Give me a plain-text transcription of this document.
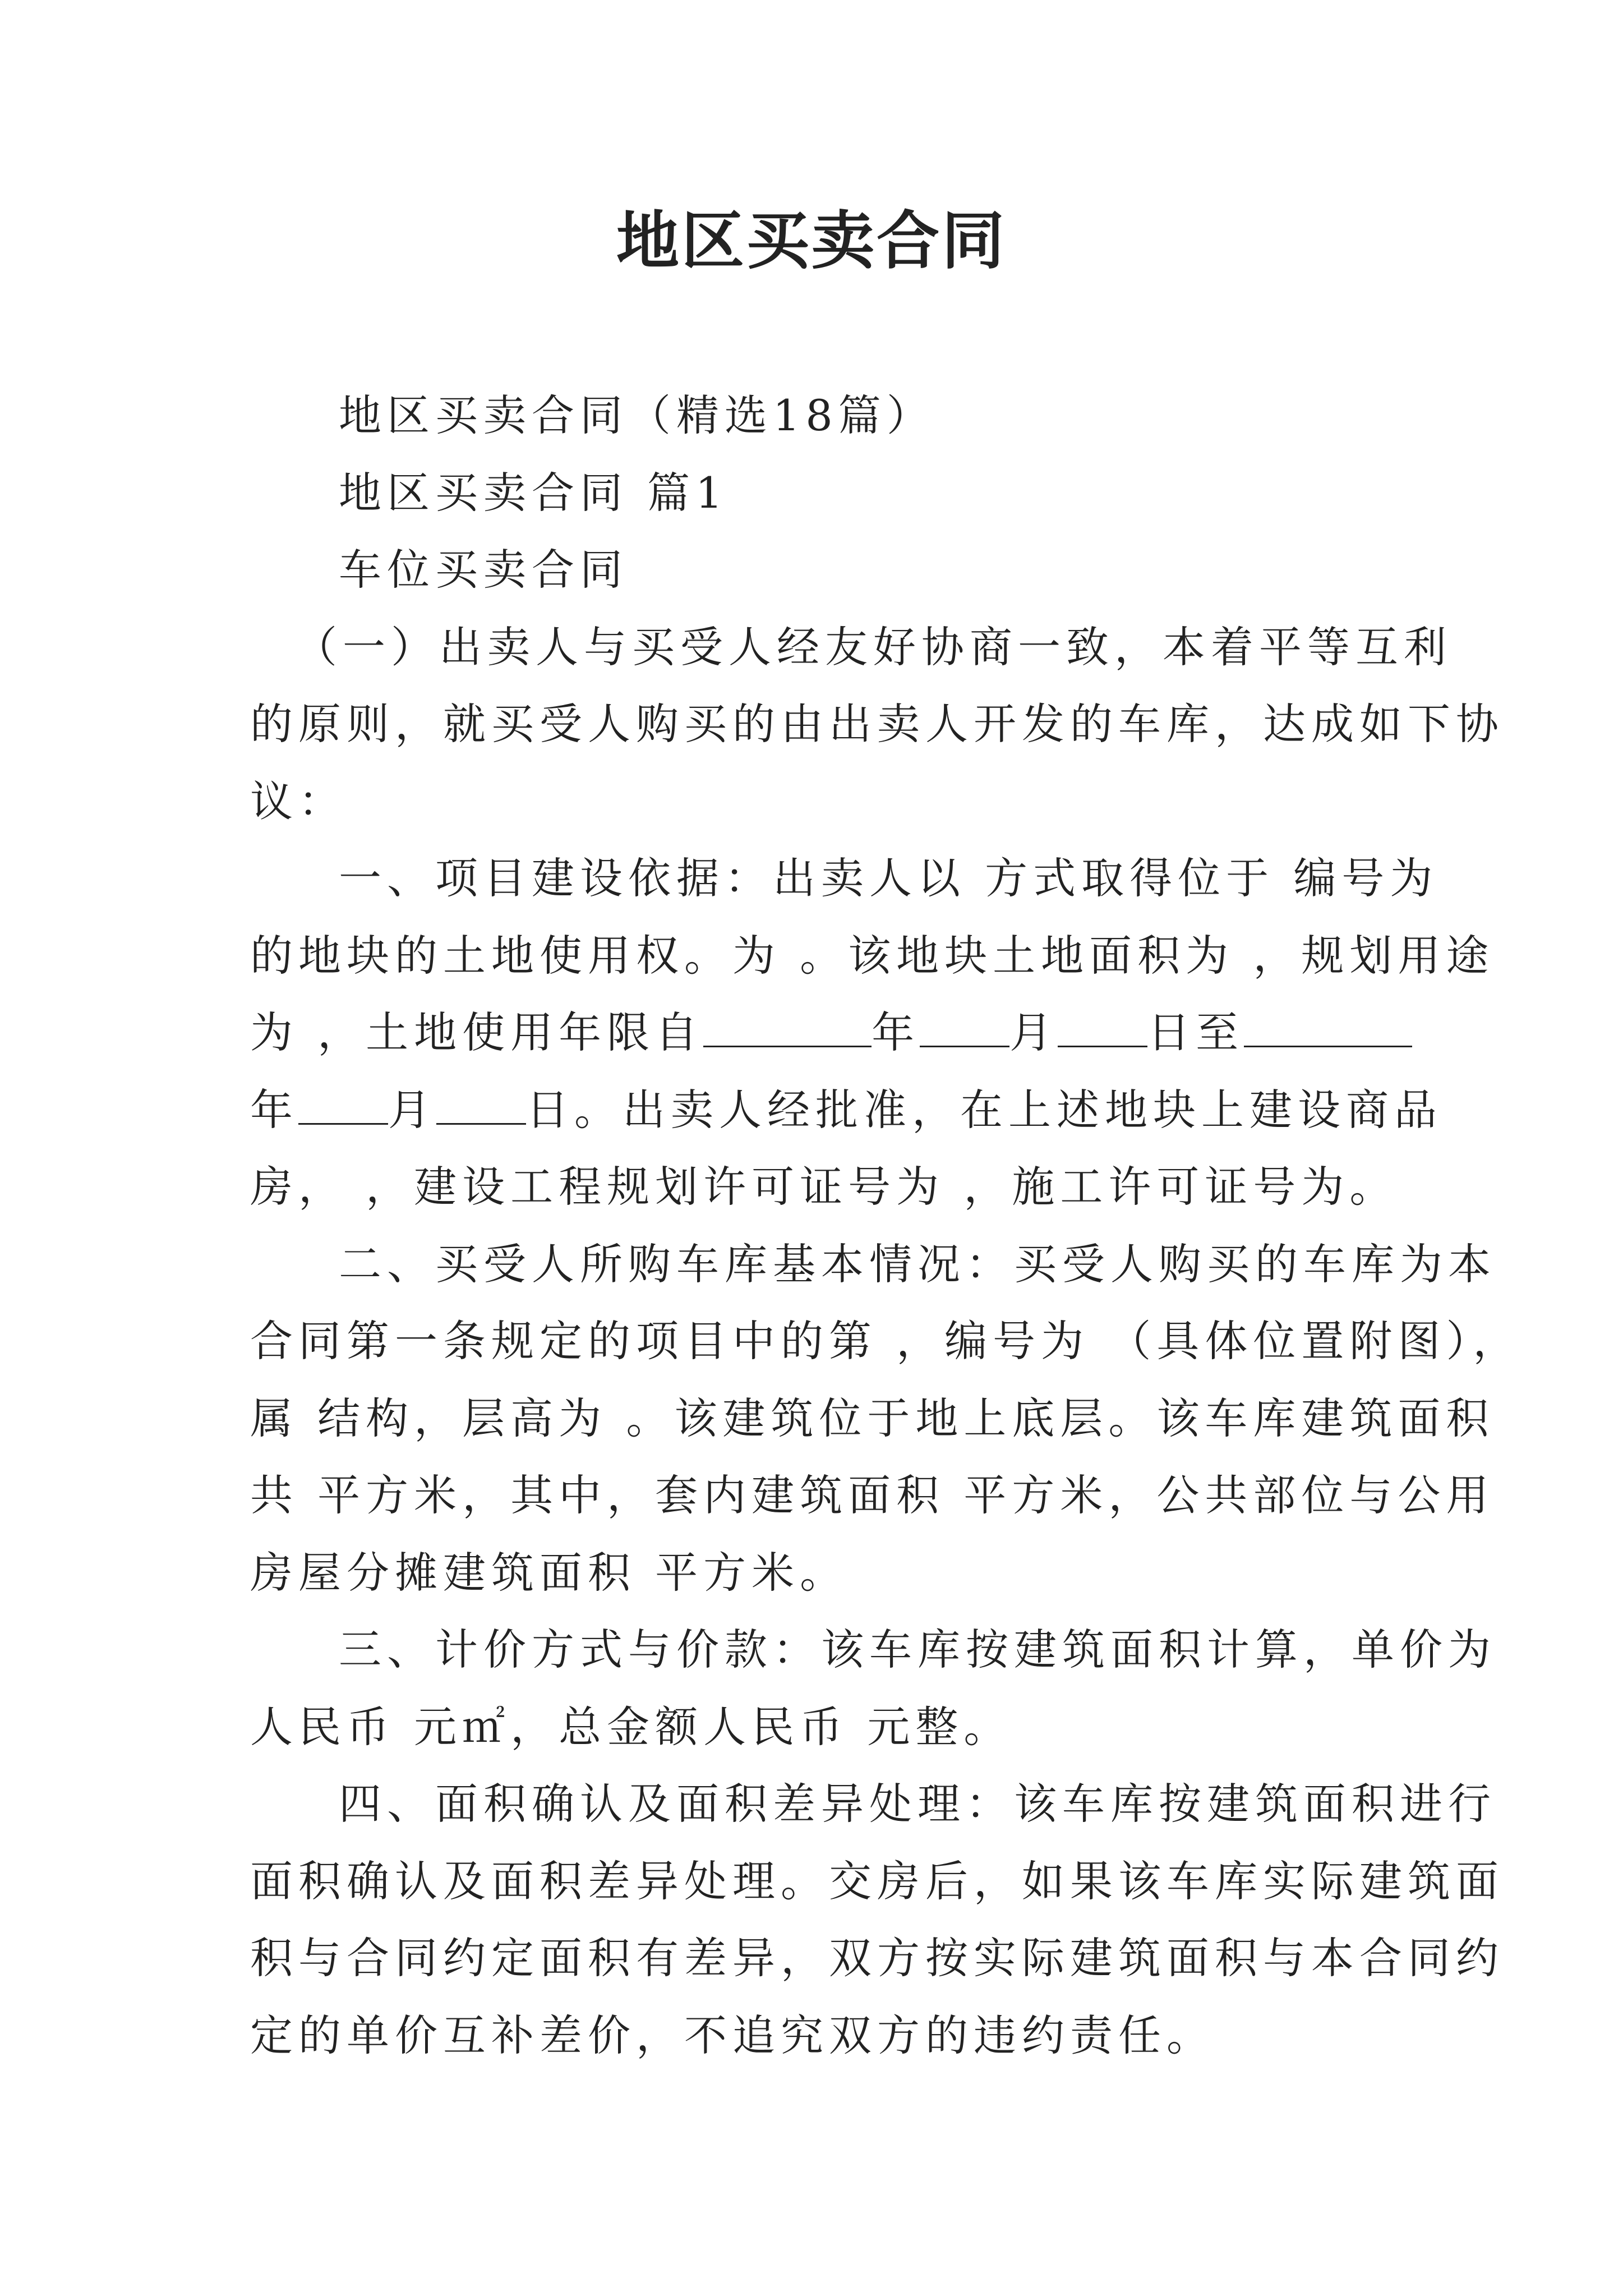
地区买卖合同
地区买卖合同（精选18篇）
地区买卖合同 篇1
车位买卖合同
（一）出卖人与买受人经友好协商一致，本着平等互利
的原则，就买受人购买的由出卖人开发的车库，达成如下协
议：
一、项目建设依据：出卖人以 方式取得位于 编号为
的地块的土地使用权。为 。该地块土地面积为 ，规划用途
为 ，土地使用年限自	年 月 日至
年 月 日。出卖人经批准，在上述地块上建设商品
房， ，建设工程规划许可证号为 ，施工许可证号为。
二、买受人所购车库基本情况：买受人购买的车库为本
合同第一条规定的项目中的第 ，编号为 （具体位置附图），
属 结构，层高为 。该建筑位于地上底层。该车库建筑面积
共 平方米，其中，套内建筑面积 平方米，公共部位与公用
房屋分摊建筑面积 平方米。
三、计价方式与价款：该车库按建筑面积计算，单价为
人民币 元㎡，总金额人民币 元整。
四、面积确认及面积差异处理：该车库按建筑面积进行
面积确认及面积差异处理。交房后，如果该车库实际建筑面
积与合同约定面积有差异，双方按实际建筑面积与本合同约
定的单价互补差价，不追究双方的违约责任。
